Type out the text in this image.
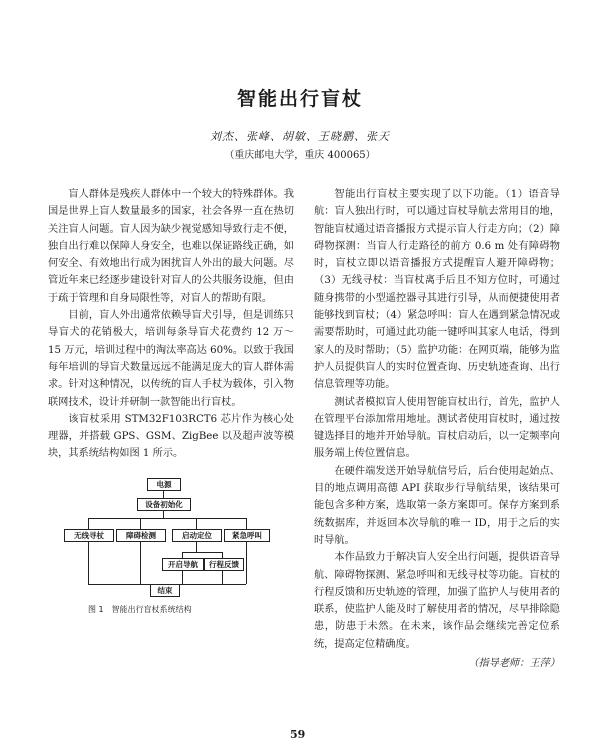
智能出行盲杖
刘杰、张峰、胡敏、王晓鹏、张天
（重庆邮电大学，重庆 400065）

盲人群体是残疾人群体中一个较大的特殊群体。我国是世界上盲人数量最多的国家，社会各界一直在热切关注盲人问题。盲人因为缺少视觉感知导致行走不便，独自出行难以保障人身安全，也难以保证路线正确，如何安全、有效地出行成为困扰盲人外出的最大问题。尽管近年来已经逐步建设针对盲人的公共服务设施，但由于疏于管理和自身局限性等，对盲人的帮助有限。

目前，盲人外出通常依赖导盲犬引导，但是训练只导盲犬的花销极大，培训每条导盲犬花费约 12 万～15 万元，培训过程中的淘汰率高达 60%。以致于我国每年培训的导盲犬数量远远不能满足庞大的盲人群体需求。针对这种情况，以传统的盲人手杖为载体，引入物联网技术，设计并研制一款智能出行盲杖。

该盲杖采用 STM32F103RCT6 芯片作为核心处理器，并搭载 GPS、GSM、ZigBee 以及超声波等模块，其系统结构如图 1 所示。

电源
设备初始化
无线寻杖	障碍检测	启动定位	紧急呼叫
开启导航	行程反馈
结束
图 1　智能出行盲杖系统结构

智能出行盲杖主要实现了以下功能。（1）语音导航：盲人独出行时，可以通过盲杖导航去常用目的地，智能盲杖通过语音播报方式提示盲人行走方向；（2）障碍物探测：当盲人行走路径的前方 0.6 m 处有障碍物时，盲杖立即以语音播报方式提醒盲人避开障碍物；（3）无线寻杖：当盲杖离手后且不知方位时，可通过随身携带的小型遥控器寻其进行引导，从而便捷使用者能够找到盲杖；（4）紧急呼叫：盲人在遇到紧急情况或需要帮助时，可通过此功能一键呼叫其家人电话，得到家人的及时帮助；（5）监护功能：在网页端，能够为监护人员提供盲人的实时位置查询、历史轨迹查询、出行信息管理等功能。

测试者模拟盲人使用智能盲杖出行，首先，监护人在管理平台添加常用地址。测试者使用盲杖时，通过按键选择目的地并开始导航。盲杖启动后，以一定频率向服务端上传位置信息。

在硬件端发送开始导航信号后，后台使用起始点、目的地点调用高德 API 获取步行导航结果，该结果可能包含多种方案，选取第一条方案即可。保存方案到系统数据库，并返回本次导航的唯一 ID，用于之后的实时导航。

本作品致力于解决盲人安全出行问题，提供语音导航、障碍物探测、紧急呼叫和无线寻杖等功能。盲杖的行程反馈和历史轨迹的管理，加强了监护人与使用者的联系，使监护人能及时了解使用者的情况，尽早排除隐患，防患于未然。在未来，该作品会继续完善定位系统，提高定位精确度。

（指导老师：王萍）

59
